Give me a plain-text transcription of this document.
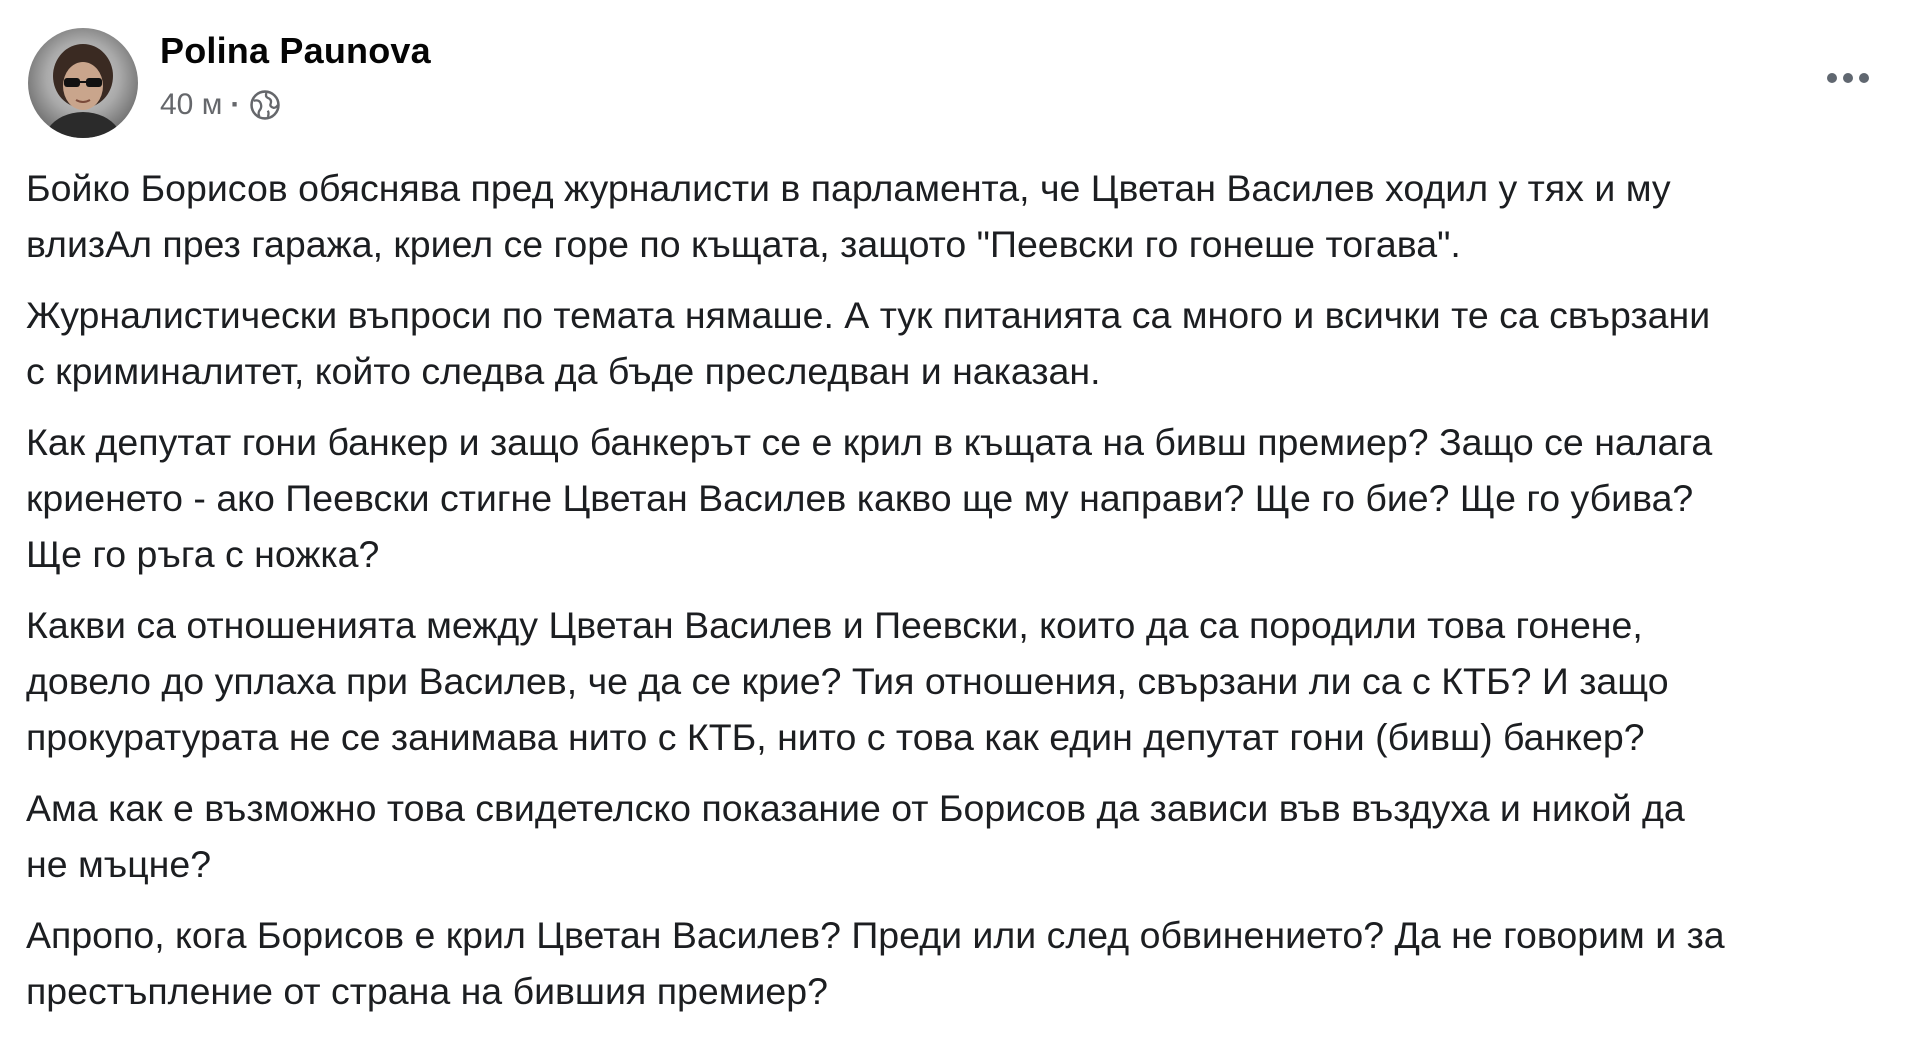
Polina Paunova
40 м ·

Бойко Борисов обяснява пред журналисти в парламента, че Цветан Василев ходил у тях и му
влизАл през гаража, криел се горе по къщата, защото "Пеевски го гонеше тогава".

Журналистически въпроси по темата нямаше. А тук питанията са много и всички те са свързани
с криминалитет, който следва да бъде преследван и наказан.

Как депутат гони банкер и защо банкерът се е крил в къщата на бивш премиер? Защо се налага
криенето - ако Пеевски стигне Цветан Василев какво ще му направи? Ще го бие? Ще го убива?
Ще го ръга с ножка?

Какви са отношенията между Цветан Василев и Пеевски, които да са породили това гонене,
довело до уплаха при Василев, че да се крие? Тия отношения, свързани ли са с КТБ? И защо
прокуратурата не се занимава нито с КТБ, нито с това как един депутат гони (бивш) банкер?

Ама как е възможно това свидетелско показание от Борисов да зависи във въздуха и никой да
не мъцне?

Апропо, кога Борисов е крил Цветан Василев? Преди или след обвинението? Да не говорим и за
престъпление от страна на бившия премиер?
